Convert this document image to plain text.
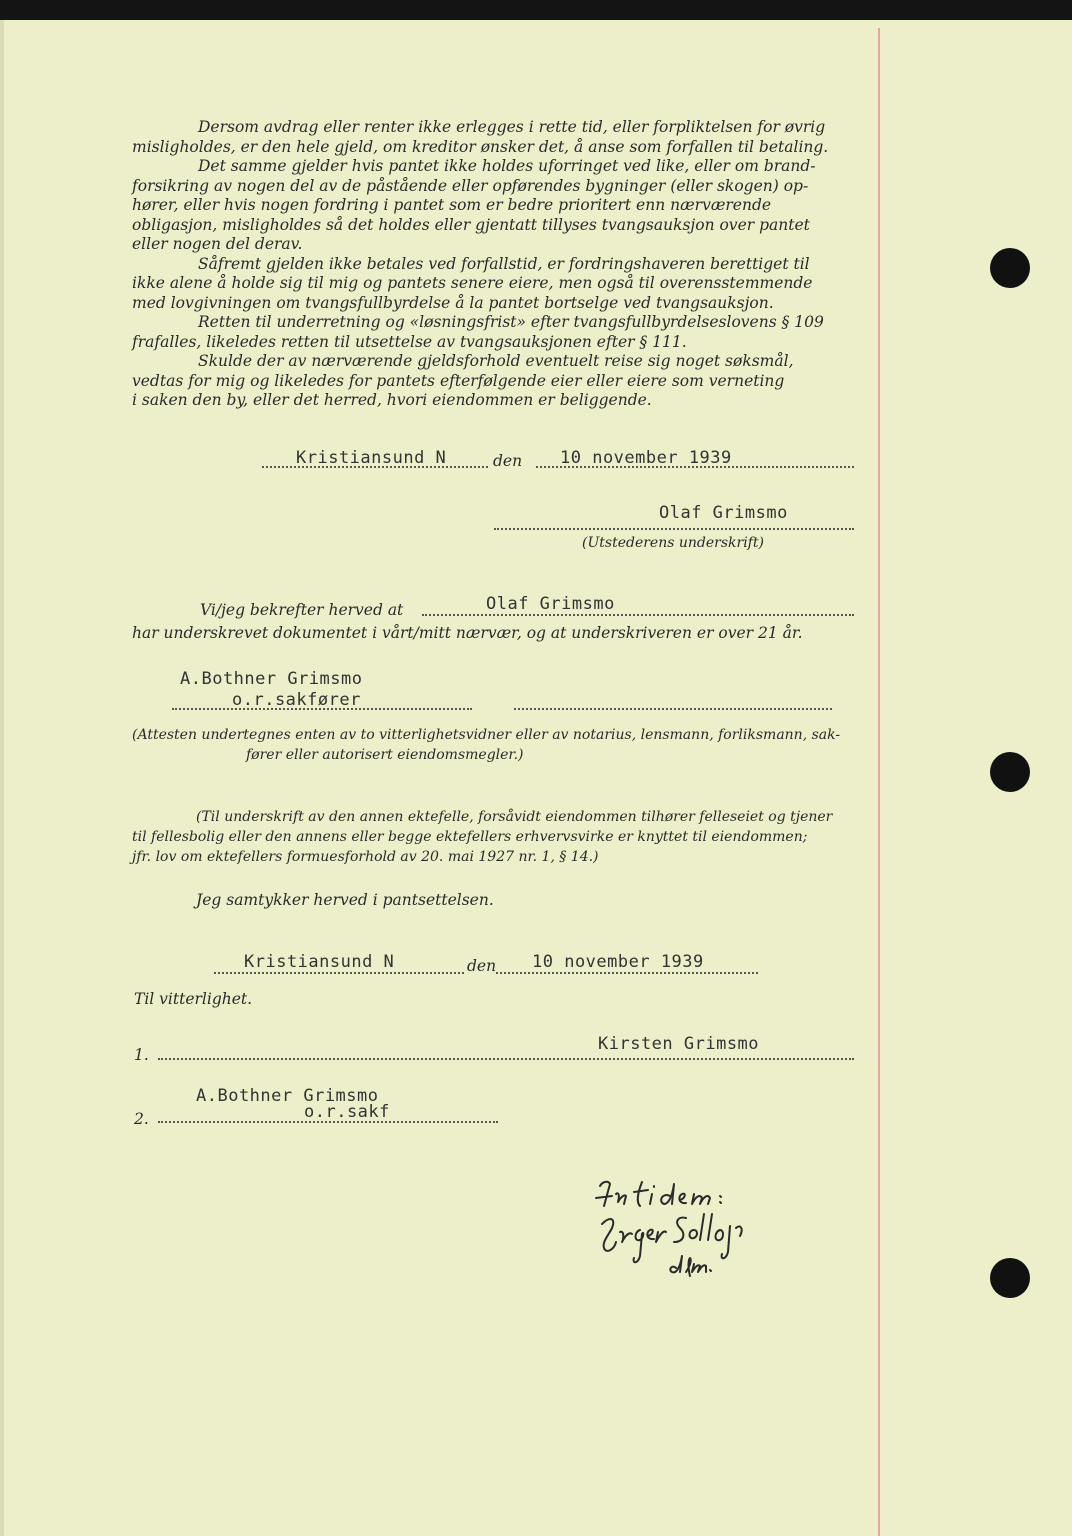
Dersom avdrag eller renter ikke erlegges i rette tid, eller forpliktelsen for øvrig
misligholdes, er den hele gjeld, om kreditor ønsker det, å anse som forfallen til betaling.
Det samme gjelder hvis pantet ikke holdes uforringet ved like, eller om brand-
forsikring av nogen del av de påstående eller opførendes bygninger (eller skogen) op-
hører, eller hvis nogen fordring i pantet som er bedre prioritert enn nærværende
obligasjon, misligholdes så det holdes eller gjentatt tillyses tvangsauksjon over pantet
eller nogen del derav.
Såfremt gjelden ikke betales ved forfallstid, er fordringshaveren berettiget til
ikke alene å holde sig til mig og pantets senere eiere, men også til overensstemmende
med lovgivningen om tvangsfullbyrdelse å la pantet bortselge ved tvangsauksjon.
Retten til underretning og «løsningsfrist» efter tvangsfullbyrdelseslovens § 109
frafalles, likeledes retten til utsettelse av tvangsauksjonen efter § 111.
Skulde der av nærværende gjeldsforhold eventuelt reise sig noget søksmål,
vedtas for mig og likeledes for pantets efterfølgende eier eller eiere som verneting
i saken den by, eller det herred, hvori eiendommen er beliggende.
Kristiansund N	den 10 november 1939
Olaf Grimsmo
(Utstederens underskrift)
Vi/jeg bekrefter herved at	Olaf Grimsmo
har underskrevet dokumentet i vårt/mitt nærvær, og at underskriveren er over 21 år.
A.Bothner Grimsmo
o.r.sakfører
(Attesten undertegnes enten av to vitterlighetsvidner eller av notarius, lensmann, forliksmann, sak-
fører eller autorisert eiendomsmegler.)
(Til underskrift av den annen ektefelle, forsåvidt eiendommen tilhører felleseiet og tjener
til fellesbolig eller den annens eller begge ektefellers erhvervsvirke er knyttet til eiendommen;
jfr. lov om ektefellers formuesforhold av 20. mai 1927 nr. 1, § 14.)
Jeg samtykker herved i pantsettelsen.
Kristiansund N	den 10 november 1939
Til vitterlighet.
1.
Kirsten Grimsmo
A.Bothner Grimsmo
2.	o.r.sakf
